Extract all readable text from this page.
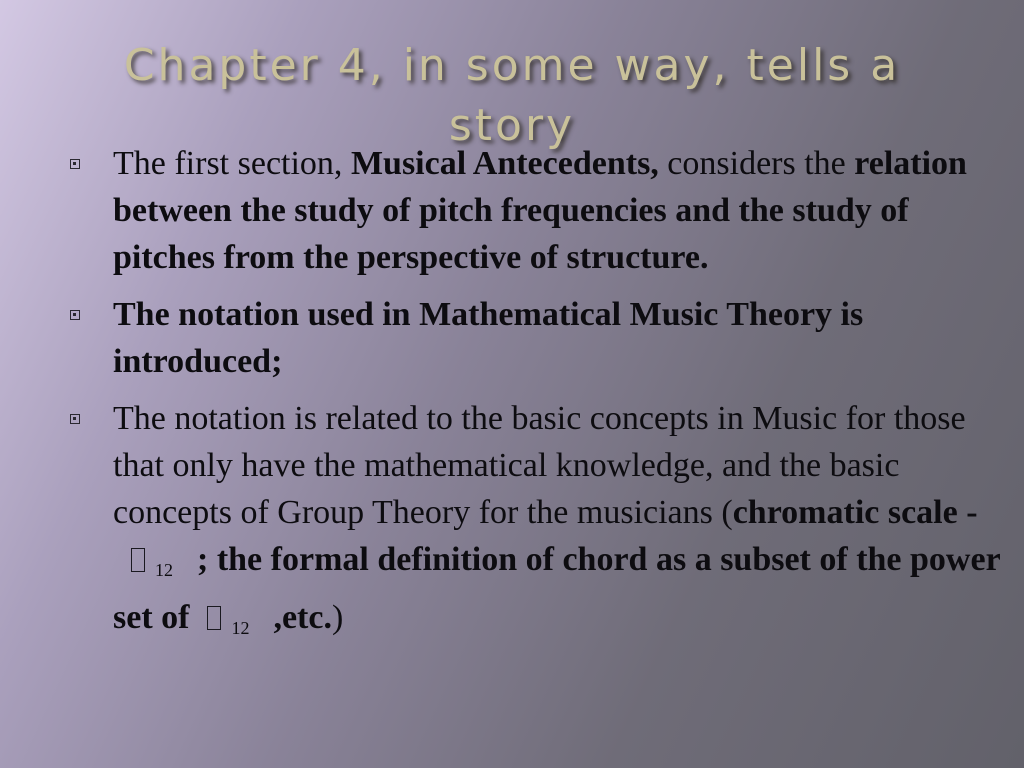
Chapter 4, in some way, tells a story
The first section, Musical Antecedents, considers the relation between the study of pitch frequencies and the study of pitches from the perspective of structure.
The notation used in Mathematical Music Theory is introduced;
The notation is related to the basic concepts in Music for those that only have the mathematical knowledge, and the basic concepts of Group Theory for the musicians (chromatic scale - $_{12}$ ; the formal definition of chord as a subset of the power set of $_{12}$ ,etc.)
